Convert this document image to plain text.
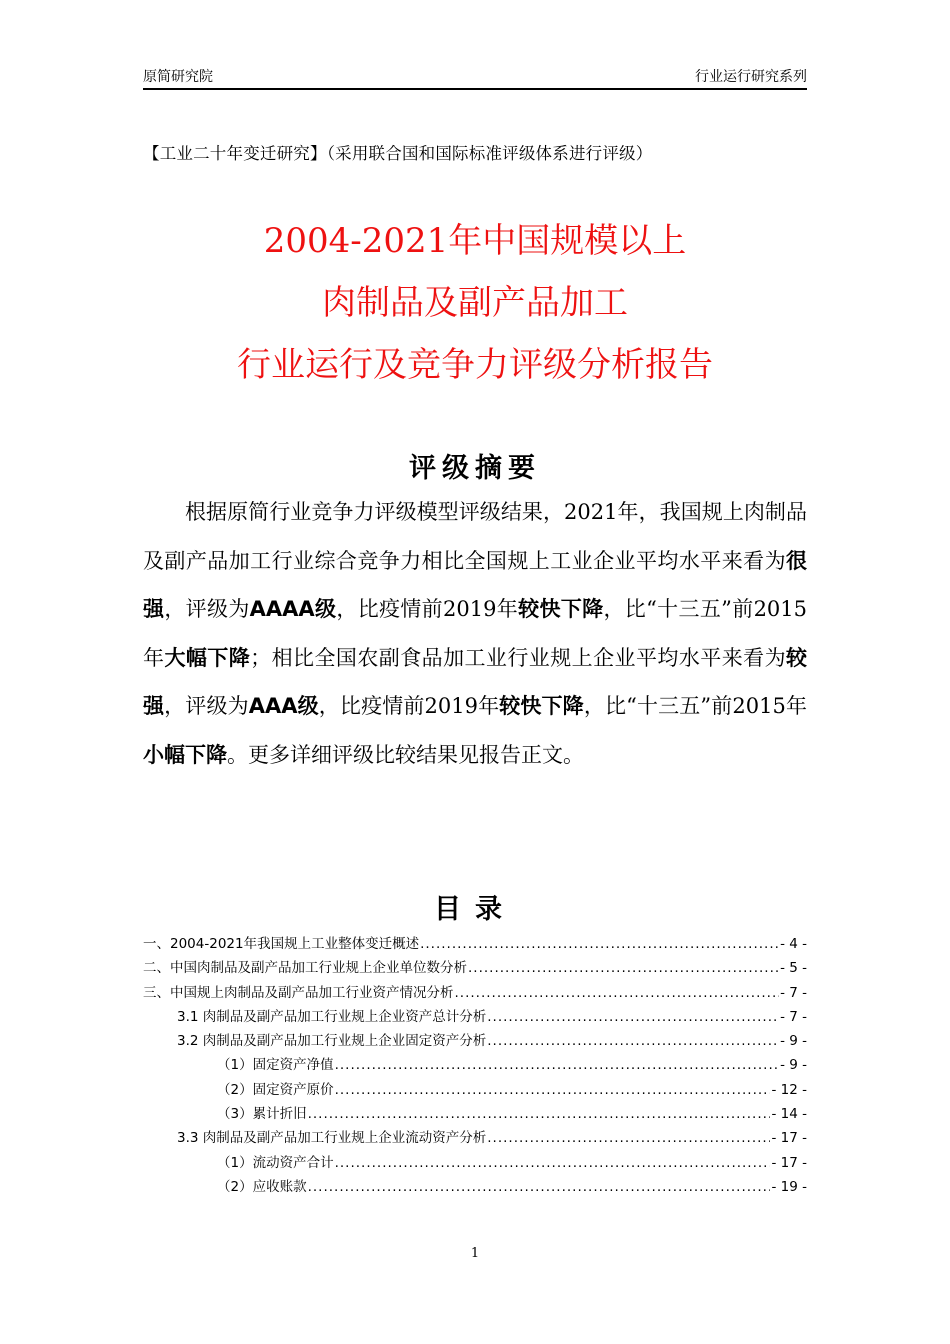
原简研究院	行业运行研究系列
【工业二十年变迁研究】（采用联合国和国际标准评级体系进行评级）
2004-2021年中国规模以上
肉制品及副产品加工
行业运行及竞争力评级分析报告
评级摘要
根据原简行业竞争力评级模型评级结果，2021年，我国规上肉制品及副产品加工行业综合竞争力相比全国规上工业企业平均水平来看为很强，评级为AAAA级，比疫情前2019年较快下降，比“十三五”前2015年大幅下降；相比全国农副食品加工业行业规上企业平均水平来看为较强，评级为AAA级，比疫情前2019年较快下降，比“十三五”前2015年小幅下降。更多详细评级比较结果见报告正文。
目录
一、2004-2021年我国规上工业整体变迁概述 .....	- 4 -
二、中国肉制品及副产品加工行业规上企业单位数分析 .....	- 5 -
三、中国规上肉制品及副产品加工行业资产情况分析 .....	- 7 -
3.1 肉制品及副产品加工行业规上企业资产总计分析 .....	- 7 -
3.2 肉制品及副产品加工行业规上企业固定资产分析 .....	- 9 -
（1）固定资产净值 .....	- 9 -
（2）固定资产原价 .....	- 12 -
（3）累计折旧 .....	- 14 -
3.3 肉制品及副产品加工行业规上企业流动资产分析 .....	- 17 -
（1）流动资产合计 .....	- 17 -
（2）应收账款 .....	- 19 -
1
